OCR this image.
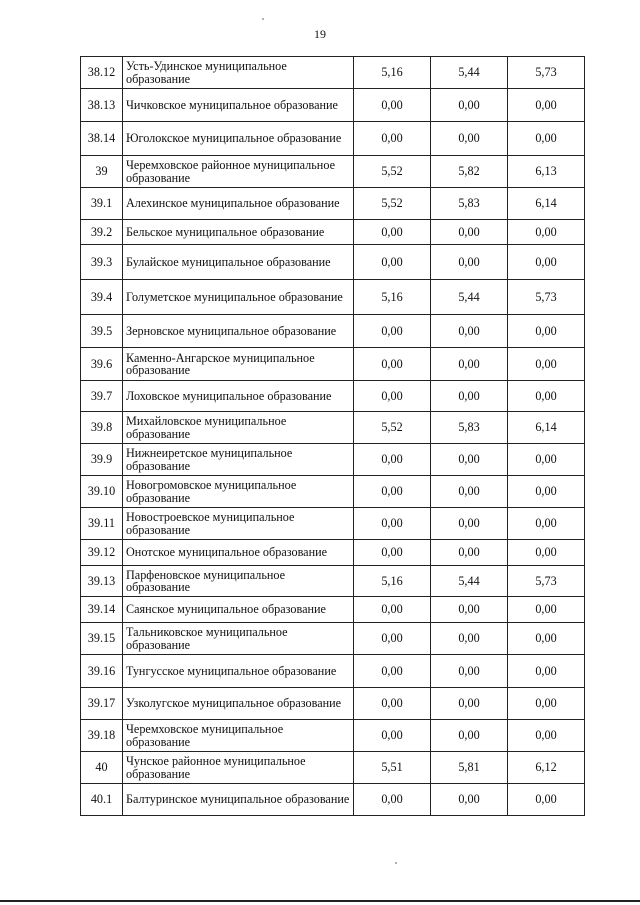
19
38.12	Усть-Удинское муниципальное образование	5,16	5,44	5,73
38.13	Чичковское муниципальное образование	0,00	0,00	0,00
38.14	Юголокское муниципальное образование	0,00	0,00	0,00
39	Черемховское районное муниципальное образование	5,52	5,82	6,13
39.1	Алехинское муниципальное образование	5,52	5,83	6,14
39.2	Бельское муниципальное образование	0,00	0,00	0,00
39.3	Булайское муниципальное образование	0,00	0,00	0,00
39.4	Голуметское муниципальное образование	5,16	5,44	5,73
39.5	Зерновское муниципальное образование	0,00	0,00	0,00
39.6	Каменно-Ангарское муниципальное образование	0,00	0,00	0,00
39.7	Лоховское муниципальное образование	0,00	0,00	0,00
39.8	Михайловское муниципальное образование	5,52	5,83	6,14
39.9	Нижнеиретское муниципальное образование	0,00	0,00	0,00
39.10	Новогромовское муниципальное образование	0,00	0,00	0,00
39.11	Новостроевское муниципальное образование	0,00	0,00	0,00
39.12	Онотское муниципальное образование	0,00	0,00	0,00
39.13	Парфеновское муниципальное образование	5,16	5,44	5,73
39.14	Саянское муниципальное образование	0,00	0,00	0,00
39.15	Тальниковское муниципальное образование	0,00	0,00	0,00
39.16	Тунгусское муниципальное образование	0,00	0,00	0,00
39.17	Узколугское муниципальное образование	0,00	0,00	0,00
39.18	Черемховское муниципальное образование	0,00	0,00	0,00
40	Чунское районное муниципальное образование	5,51	5,81	6,12
40.1	Балтуринское муниципальное образование	0,00	0,00	0,00
